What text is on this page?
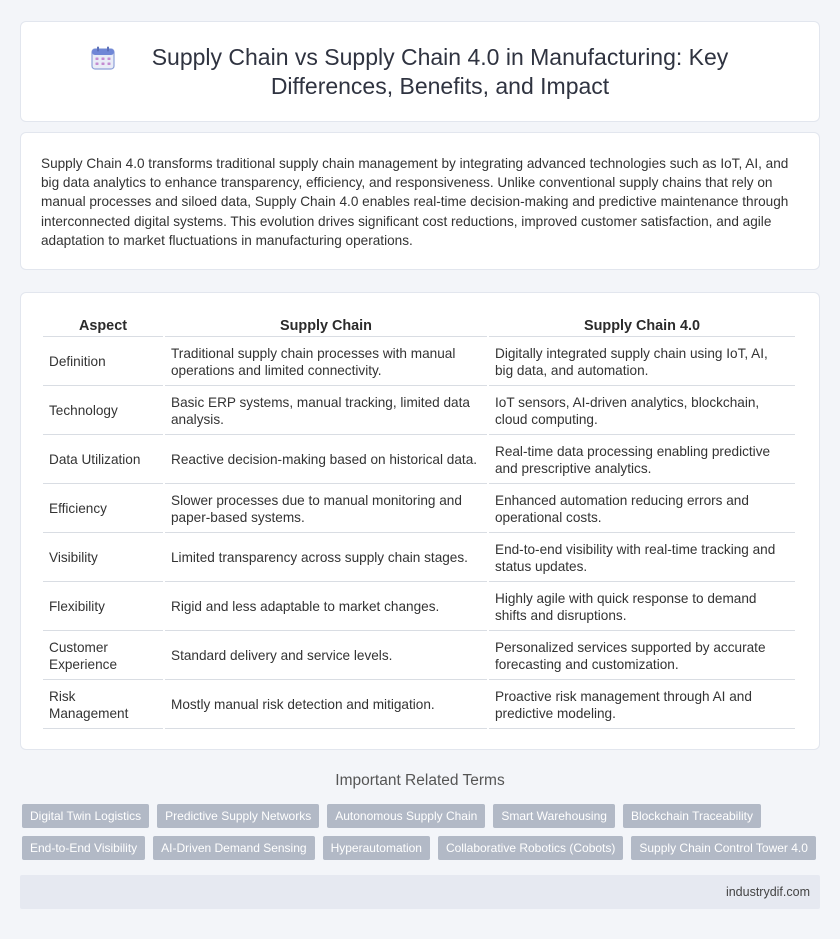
Supply Chain vs Supply Chain 4.0 in Manufacturing: Key Differences, Benefits, and Impact

Supply Chain 4.0 transforms traditional supply chain management by integrating advanced technologies such as IoT, AI, and big data analytics to enhance transparency, efficiency, and responsiveness. Unlike conventional supply chains that rely on manual processes and siloed data, Supply Chain 4.0 enables real-time decision-making and predictive maintenance through interconnected digital systems. This evolution drives significant cost reductions, improved customer satisfaction, and agile adaptation to market fluctuations in manufacturing operations.

Aspect	Supply Chain	Supply Chain 4.0
Definition	Traditional supply chain processes with manual operations and limited connectivity.	Digitally integrated supply chain using IoT, AI, big data, and automation.
Technology	Basic ERP systems, manual tracking, limited data analysis.	IoT sensors, AI-driven analytics, blockchain, cloud computing.
Data Utilization	Reactive decision-making based on historical data.	Real-time data processing enabling predictive and prescriptive analytics.
Efficiency	Slower processes due to manual monitoring and paper-based systems.	Enhanced automation reducing errors and operational costs.
Visibility	Limited transparency across supply chain stages.	End-to-end visibility with real-time tracking and status updates.
Flexibility	Rigid and less adaptable to market changes.	Highly agile with quick response to demand shifts and disruptions.
Customer Experience	Standard delivery and service levels.	Personalized services supported by accurate forecasting and customization.
Risk Management	Mostly manual risk detection and mitigation.	Proactive risk management through AI and predictive modeling.
Important Related Terms
Digital Twin Logistics	Predictive Supply Networks	Autonomous Supply Chain	Smart Warehousing	Blockchain Traceability
End-to-End Visibility	AI-Driven Demand Sensing	Hyperautomation	Collaborative Robotics (Cobots)	Supply Chain Control Tower 4.0
industrydif.com
